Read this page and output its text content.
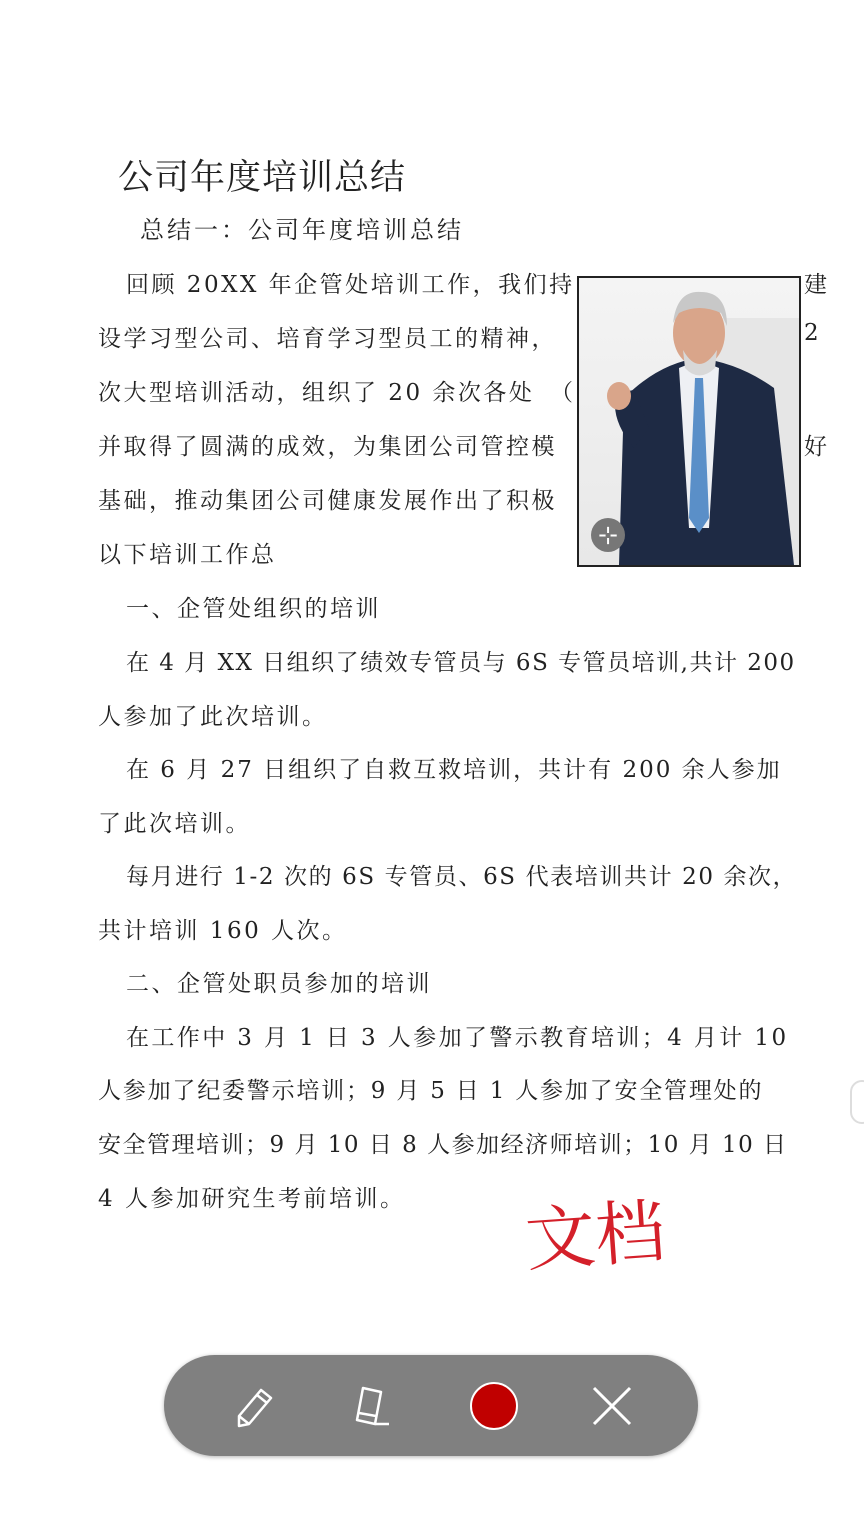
公司年度培训总结
总结一：公司年度培训总结
回顾 20XX 年企管处培训工作，我们持
设学习型公司、培育学习型员工的精神，
次大型培训活动，组织了 20 余次各处
并取得了圆满的成效，为集团公司管控模
基础，推动集团公司健康发展作出了积极
以下培训工作总
一、企管处组织的培训
在 4 月 XX 日组织了绩效专管员与 6S 专管员培训,共计 200
人参加了此次培训。
在 6 月 27 日组织了自救互救培训，共计有 200 余人参加
了此次培训。
每月进行 1-2 次的 6S 专管员、6S 代表培训共计 20 余次，
共计培训 160 人次。
二、企管处职员参加的培训
在工作中 3 月 1 日 3 人参加了警示教育培训；4 月计 10
人参加了纪委警示培训；9 月 5 日 1 人参加了安全管理处的
安全管理培训；9 月 10 日 8 人参加经济师培训；10 月 10 日
4 人参加研究生考前培训。
建
2
（
好
⊹
文档
